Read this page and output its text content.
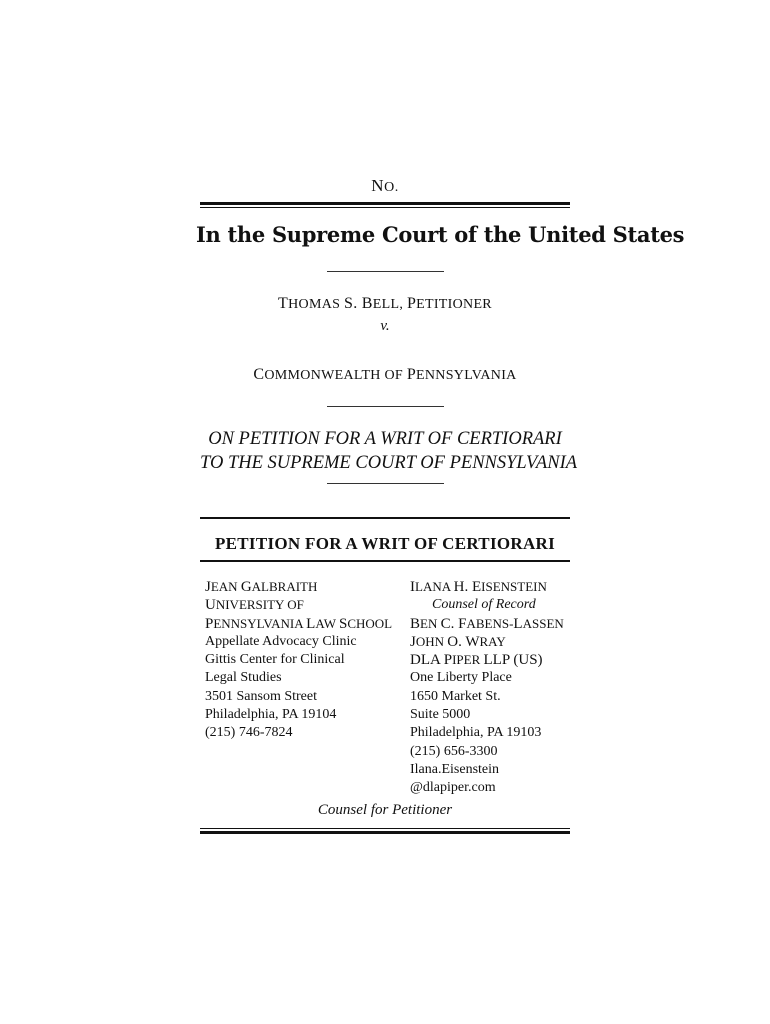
NO.
In the Supreme Court of the United States
THOMAS S. BELL, PETITIONER
v.
COMMONWEALTH OF PENNSYLVANIA
ON PETITION FOR A WRIT OF CERTIORARI
TO THE SUPREME COURT OF PENNSYLVANIA
PETITION FOR A WRIT OF CERTIORARI
JEAN GALBRAITH
UNIVERSITY OF
PENNSYLVANIA LAW SCHOOL
Appellate Advocacy Clinic
Gittis Center for Clinical
Legal Studies
3501 Sansom Street
Philadelphia, PA 19104
(215) 746-7824
ILANA H. EISENSTEIN
Counsel of Record
BEN C. FABENS-LASSEN
JOHN O. WRAY
DLA PIPER LLP (US)
One Liberty Place
1650 Market St.
Suite 5000
Philadelphia, PA 19103
(215) 656-3300
Ilana.Eisenstein
@dlapiper.com
Counsel for Petitioner
